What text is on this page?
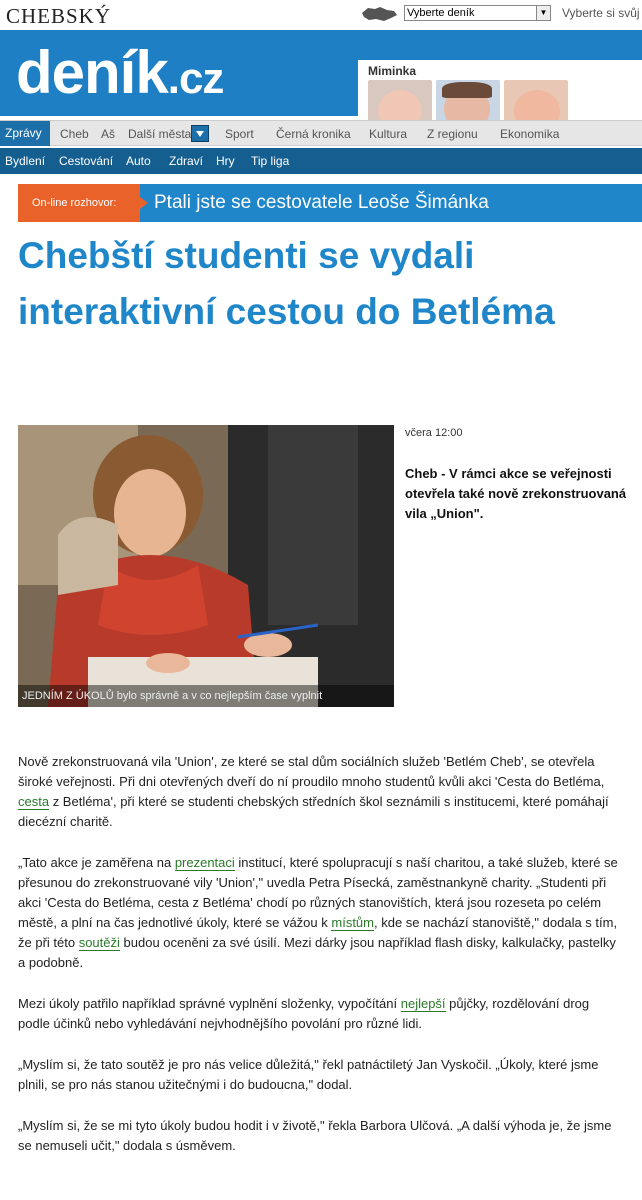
CHEBSKÝ	Vyberte deník	▼ Vyberte si svůj
deník.cz	Miminka
Zprávy	Cheb Aš Další města	Sport Černá kronika Kultura Z regionu Ekonomika
Bydlení Cestování Auto Zdraví Hry Tip liga
On-line rozhovor:	Ptali jste se cestovatele Leoše Šimánka
Chebští studenti se vydali interaktivní cestou do Betléma
JEDNÍM Z ÚKOLŮ bylo správně a v co nejlepším čase vyplnit
včera 12:00
Cheb - V rámci akce se veřejnosti otevřela také nově zrekonstruovaná vila „Union".

Nově zrekonstruovaná vila 'Union', ze které se stal dům sociálních služeb 'Betlém Cheb', se otevřela široké veřejnosti. Při dni otevřených dveří do ní proudilo mnoho studentů kvůli akci 'Cesta do Betléma, cesta z Betléma', při které se studenti chebských středních škol seznámili s institucemi, které pomáhají diecézní charitě.

„Tato akce je zaměřena na prezentaci institucí, které spolupracují s naší charitou, a také služeb, které se přesunou do zrekonstruované vily 'Union'," uvedla Petra Písecká, zaměstnankyně charity. „Studenti při akci 'Cesta do Betléma, cesta z Betléma' chodí po různých stanovištích, která jsou rozeseta po celém městě, a plní na čas jednotlivé úkoly, které se vážou k místům, kde se nachází stanoviště," dodala s tím, že při této soutěži budou oceněni za své úsilí. Mezi dárky jsou například flash disky, kalkulačky, pastelky a podobně.

Mezi úkoly patřilo například správné vyplnění složenky, vypočítání nejlepší půjčky, rozdělování drog podle účinků nebo vyhledávání nejvhodnějšího povolání pro různé lidi.

„Myslím si, že tato soutěž je pro nás velice důležitá," řekl patnáctiletý Jan Vyskočil. „Úkoly, které jsme plnili, se pro nás stanou užitečnými i do budoucna," dodal.

„Myslím si, že se mi tyto úkoly budou hodit i v životě," řekla Barbora Ulčová. „A další výhoda je, že jsme se nemuseli učit," dodala s úsměvem.
